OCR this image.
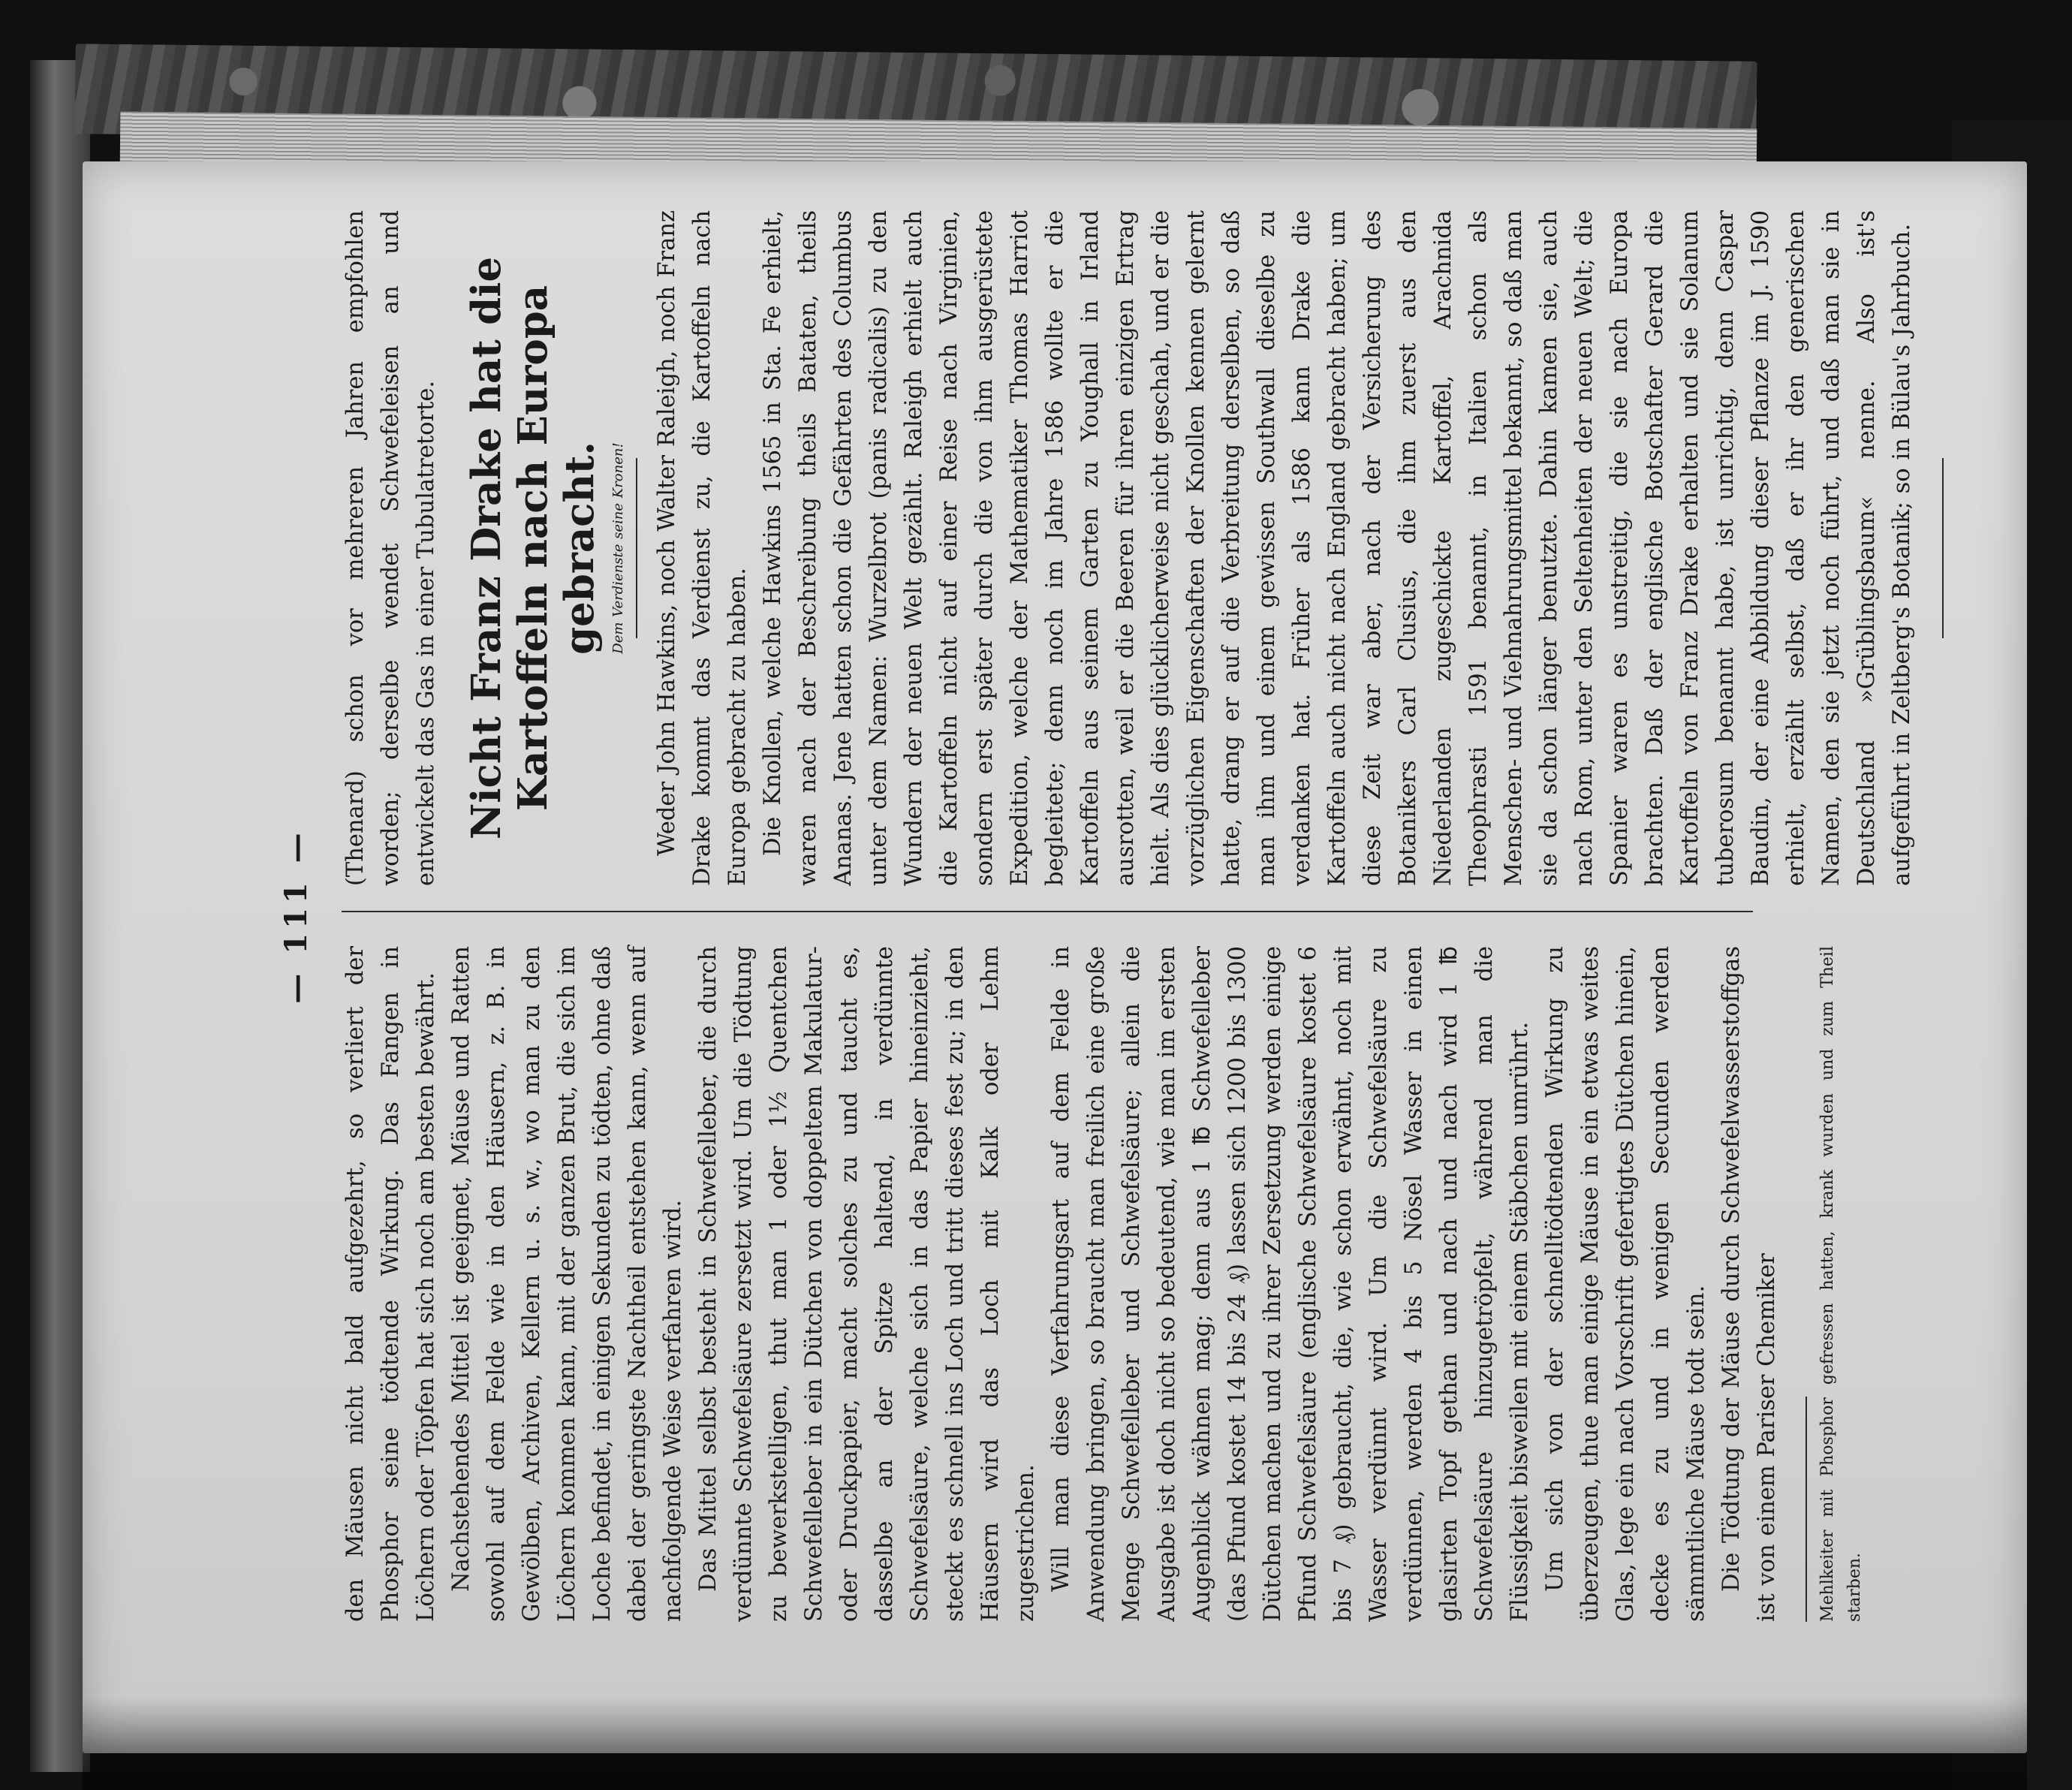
— 111 —

den Mäusen nicht bald aufgezehrt, so verliert der Phosphor seine tödtende Wirkung. Das Fangen in Löchern oder Töpfen hat sich noch am besten bewährt. Nachstehendes Mittel ist geeignet, Mäuse und Ratten sowohl auf dem Felde wie in den Häusern, z. B. in Gewölben, Archiven, Kellern u. s. w., wo man zu den Löchern kommen kann, mit der ganzen Brut, die sich im Loche befindet, in einigen Sekunden zu tödten, ohne daß dabei der geringste Nachtheil entstehen kann, wenn auf nachfolgende Weise verfahren wird. Das Mittel selbst besteht in Schwefelleber, die durch verdünnte Schwefelsäure zersetzt wird. Um die Tödtung zu bewerkstelligen, thut man 1 oder 1½ Quentchen Schwefelleber in ein Dütchen von doppeltem Makulatur- oder Druckpapier, macht solches zu und taucht es, dasselbe an der Spitze haltend, in verdünnte Schwefelsäure, welche sich in das Papier hineinzieht, steckt es schnell ins Loch und tritt dieses fest zu; in den Häusern wird das Loch mit Kalk oder Lehm zugestrichen. Will man diese Verfahrungsart auf dem Felde in Anwendung bringen, so braucht man freilich eine große Menge Schwefelleber und Schwefelsäure; allein die Ausgabe ist doch nicht so bedeutend, wie man im ersten Augenblick wähnen mag; denn aus 1 ℔ Schwefelleber (das Pfund kostet 14 bis 24 ₰) lassen sich 1200 bis 1300 Dütchen machen und zu ihrer Zersetzung werden einige Pfund Schwefelsäure (englische Schwefelsäure kostet 6 bis 7 ₰) gebraucht, die, wie schon erwähnt, noch mit Wasser verdünnt wird. Um die Schwefelsäure zu verdünnen, werden 4 bis 5 Nösel Wasser in einen glasirten Topf gethan und nach und nach wird 1 ℔ Schwefelsäure hinzugetröpfelt, während man die Flüssigkeit bisweilen mit einem Stäbchen umrührt. Um sich von der schnelltödtenden Wirkung zu überzeugen, thue man einige Mäuse in ein etwas weites Glas, lege ein nach Vorschrift gefertigtes Dütchen hinein, decke es zu und in wenigen Secunden werden sämmtliche Mäuse todt sein. Die Tödtung der Mäuse durch Schwefelwasserstoffgas ist von einem Pariser Chemiker Mehlkeiter mit Phosphor gefressen hatten, krank wurden und zum Theil starben.

(Thenard) schon vor mehreren Jahren empfohlen worden; derselbe wendet Schwefeleisen an und entwickelt das Gas in einer Tubulatretorte. Nicht Franz Drake hat die Kartoffeln nach Europa gebracht. Dem Verdienste seine Kronen! Weder John Hawkins, noch Walter Raleigh, noch Franz Drake kommt das Verdienst zu, die Kartoffeln nach Europa gebracht zu haben. Die Knollen, welche Hawkins 1565 in Sta. Fe erhielt, waren nach der Beschreibung theils Bataten, theils Ananas. Jene hatten schon die Gefährten des Columbus unter dem Namen: Wurzelbrot (panis radicalis) zu den Wundern der neuen Welt gezählt. Raleigh erhielt auch die Kartoffeln nicht auf einer Reise nach Virginien, sondern erst später durch die von ihm ausgerüstete Expedition, welche der Mathematiker Thomas Harriot begleitete; denn noch im Jahre 1586 wollte er die Kartoffeln aus seinem Garten zu Youghall in Irland ausrotten, weil er die Beeren für ihren einzigen Ertrag hielt. Als dies glücklicherweise nicht geschah, und er die vorzüglichen Eigenschaften der Knollen kennen gelernt hatte, drang er auf die Verbreitung derselben, so daß man ihm und einem gewissen Southwall dieselbe zu verdanken hat. Früher als 1586 kann Drake die Kartoffeln auch nicht nach England gebracht haben; um diese Zeit war aber, nach der Versicherung des Botanikers Carl Clusius, die ihm zuerst aus den Niederlanden zugeschickte Kartoffel, Arachnida Theophrasti 1591 benannt, in Italien schon als Menschen- und Viehnahrungsmittel bekannt, so daß man sie da schon länger benutzte. Dahin kamen sie, auch nach Rom, unter den Seltenheiten der neuen Welt; die Spanier waren es unstreitig, die sie nach Europa brachten. Daß der englische Botschafter Gerard die Kartoffeln von Franz Drake erhalten und sie Solanum tuberosum benannt habe, ist unrichtig, denn Caspar Baudin, der eine Abbildung dieser Pflanze im J. 1590 erhielt, erzählt selbst, daß er ihr den generischen Namen, den sie jetzt noch führt, und daß man sie in Deutschland »Grüblingsbaum« nenne. Also ist's aufgeführt in Zeltberg's Botanik; so in Bülau's Jahrbuch.
